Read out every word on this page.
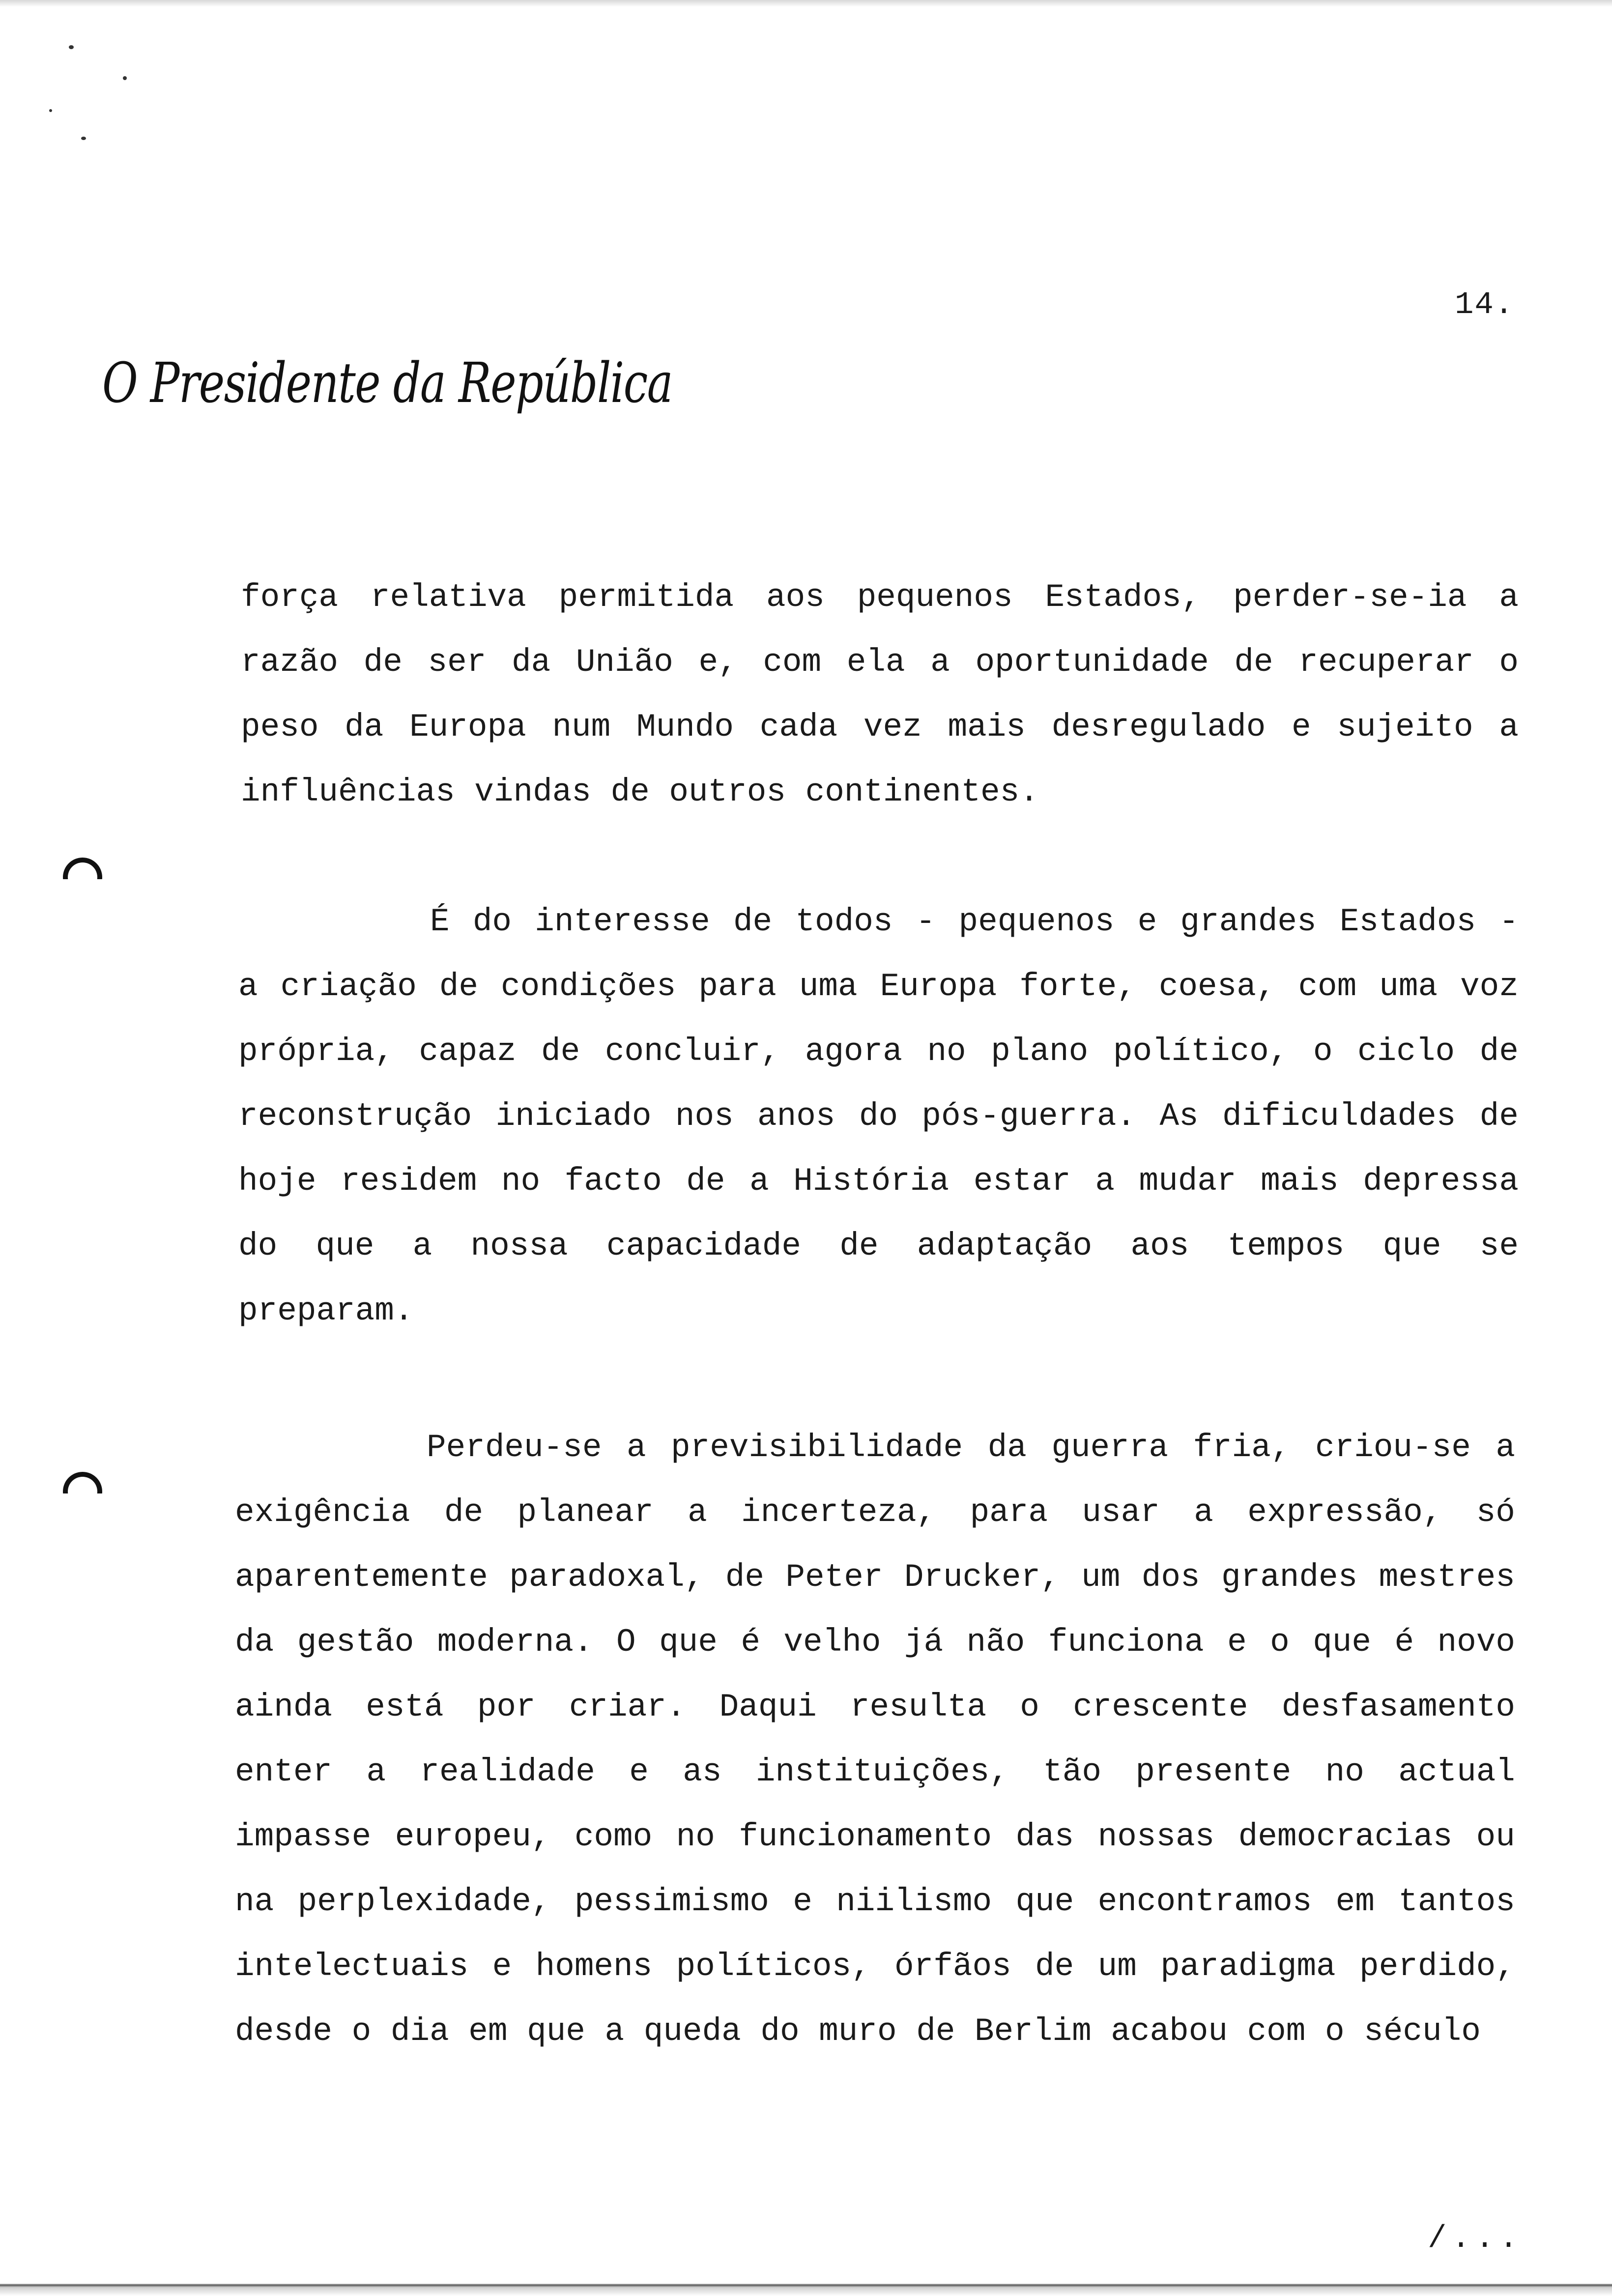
14.
O Presidente da República
força relativa permitida aos pequenos Estados, perder-se-ia a
razão de ser da União e, com ela a oportunidade de recuperar o
peso da Europa num Mundo cada vez mais desregulado e sujeito a
influências vindas de outros continentes.
É do interesse de todos - pequenos e grandes Estados -
a criação de condições para uma Europa forte, coesa, com uma voz
própria, capaz de concluir, agora no plano político, o ciclo de
reconstrução iniciado nos anos do pós-guerra. As dificuldades de
hoje residem no facto de a História estar a mudar mais depressa
do que a nossa capacidade de adaptação aos tempos que se
preparam.
Perdeu-se a previsibilidade da guerra fria, criou-se a
exigência de planear a incerteza, para usar a expressão, só
aparentemente paradoxal, de Peter Drucker, um dos grandes mestres
da gestão moderna. O que é velho já não funciona e o que é novo
ainda está por criar. Daqui resulta o crescente desfasamento
enter a realidade e as instituições, tão presente no actual
impasse europeu, como no funcionamento das nossas democracias ou
na perplexidade, pessimismo e niilismo que encontramos em tantos
intelectuais e homens políticos, órfãos de um paradigma perdido,
desde o dia em que a queda do muro de Berlim acabou com o século
/...
